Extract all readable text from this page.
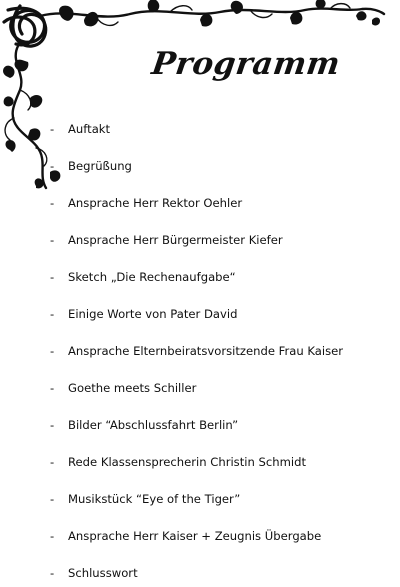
Programm
- Auftakt
- Begrüßung
- Ansprache Herr Rektor Oehler
- Ansprache Herr Bürgermeister Kiefer
- Sketch „Die Rechenaufgabe“
- Einige Worte von Pater David
- Ansprache Elternbeiratsvorsitzende Frau Kaiser
- Goethe meets Schiller
- Bilder “Abschlussfahrt Berlin”
- Rede Klassensprecherin Christin Schmidt
- Musikstück “Eye of the Tiger”
- Ansprache Herr Kaiser + Zeugnis Übergabe
- Schlusswort
